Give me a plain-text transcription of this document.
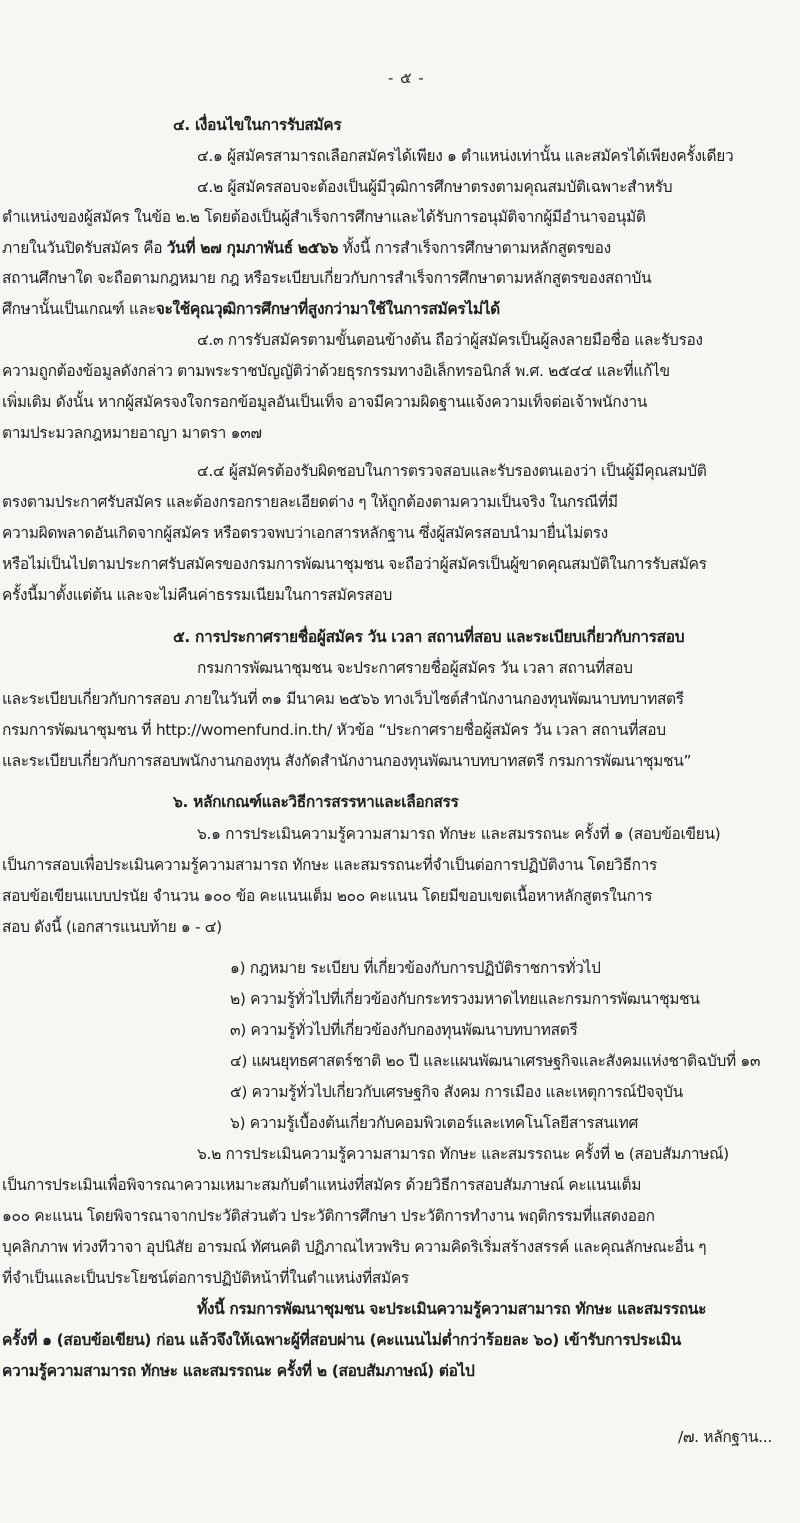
- ๕ -
๔. เงื่อนไขในการรับสมัคร
๔.๑ ผู้สมัครสามารถเลือกสมัครได้เพียง ๑ ตำแหน่งเท่านั้น และสมัครได้เพียงครั้งเดียว
๔.๒ ผู้สมัครสอบจะต้องเป็นผู้มีวุฒิการศึกษาตรงตามคุณสมบัติเฉพาะสำหรับ
ตำแหน่งของผู้สมัคร ในข้อ ๒.๒ โดยต้องเป็นผู้สำเร็จการศึกษาและได้รับการอนุมัติจากผู้มีอำนาจอนุมัติ
ภายในวันปิดรับสมัคร คือ วันที่ ๒๗ กุมภาพันธ์ ๒๕๖๖ ทั้งนี้ การสำเร็จการศึกษาตามหลักสูตรของ
สถานศึกษาใด จะถือตามกฎหมาย กฎ หรือระเบียบเกี่ยวกับการสำเร็จการศึกษาตามหลักสูตรของสถาบัน
ศึกษานั้นเป็นเกณฑ์ และจะใช้คุณวุฒิการศึกษาที่สูงกว่ามาใช้ในการสมัครไม่ได้
๔.๓ การรับสมัครตามขั้นตอนข้างต้น ถือว่าผู้สมัครเป็นผู้ลงลายมือชื่อ และรับรอง
ความถูกต้องข้อมูลดังกล่าว ตามพระราชบัญญัติว่าด้วยธุรกรรมทางอิเล็กทรอนิกส์ พ.ศ. ๒๕๔๔ และที่แก้ไข
เพิ่มเติม ดังนั้น หากผู้สมัครจงใจกรอกข้อมูลอันเป็นเท็จ อาจมีความผิดฐานแจ้งความเท็จต่อเจ้าพนักงาน
ตามประมวลกฎหมายอาญา มาตรา ๑๓๗
๔.๔ ผู้สมัครต้องรับผิดชอบในการตรวจสอบและรับรองตนเองว่า เป็นผู้มีคุณสมบัติ
ตรงตามประกาศรับสมัคร และต้องกรอกรายละเอียดต่าง ๆ ให้ถูกต้องตามความเป็นจริง ในกรณีที่มี
ความผิดพลาดอันเกิดจากผู้สมัคร หรือตรวจพบว่าเอกสารหลักฐาน ซึ่งผู้สมัครสอบนำมายื่นไม่ตรง
หรือไม่เป็นไปตามประกาศรับสมัครของกรมการพัฒนาชุมชน จะถือว่าผู้สมัครเป็นผู้ขาดคุณสมบัติในการรับสมัคร
ครั้งนี้มาตั้งแต่ต้น และจะไม่คืนค่าธรรมเนียมในการสมัครสอบ
๕. การประกาศรายชื่อผู้สมัคร วัน เวลา สถานที่สอบ และระเบียบเกี่ยวกับการสอบ
กรมการพัฒนาชุมชน จะประกาศรายชื่อผู้สมัคร วัน เวลา สถานที่สอบ
และระเบียบเกี่ยวกับการสอบ ภายในวันที่ ๓๑ มีนาคม ๒๕๖๖ ทางเว็บไซต์สำนักงานกองทุนพัฒนาบทบาทสตรี
กรมการพัฒนาชุมชน ที่ http://womenfund.in.th/ หัวข้อ “ประกาศรายชื่อผู้สมัคร วัน เวลา สถานที่สอบ
และระเบียบเกี่ยวกับการสอบพนักงานกองทุน สังกัดสำนักงานกองทุนพัฒนาบทบาทสตรี กรมการพัฒนาชุมชน”
๖. หลักเกณฑ์และวิธีการสรรหาและเลือกสรร
๖.๑ การประเมินความรู้ความสามารถ ทักษะ และสมรรถนะ ครั้งที่ ๑ (สอบข้อเขียน)
เป็นการสอบเพื่อประเมินความรู้ความสามารถ ทักษะ และสมรรถนะที่จำเป็นต่อการปฏิบัติงาน โดยวิธีการ
สอบข้อเขียนแบบปรนัย จำนวน ๑๐๐ ข้อ คะแนนเต็ม ๒๐๐ คะแนน โดยมีขอบเขตเนื้อหาหลักสูตรในการ
สอบ ดังนี้ (เอกสารแนบท้าย ๑ - ๔)
๑) กฎหมาย ระเบียบ ที่เกี่ยวข้องกับการปฏิบัติราชการทั่วไป
๒) ความรู้ทั่วไปที่เกี่ยวข้องกับกระทรวงมหาดไทยและกรมการพัฒนาชุมชน
๓) ความรู้ทั่วไปที่เกี่ยวข้องกับกองทุนพัฒนาบทบาทสตรี
๔) แผนยุทธศาสตร์ชาติ ๒๐ ปี และแผนพัฒนาเศรษฐกิจและสังคมแห่งชาติฉบับที่ ๑๓
๕) ความรู้ทั่วไปเกี่ยวกับเศรษฐกิจ สังคม การเมือง และเหตุการณ์ปัจจุบัน
๖) ความรู้เบื้องต้นเกี่ยวกับคอมพิวเตอร์และเทคโนโลยีสารสนเทศ
๖.๒ การประเมินความรู้ความสามารถ ทักษะ และสมรรถนะ ครั้งที่ ๒ (สอบสัมภาษณ์)
เป็นการประเมินเพื่อพิจารณาความเหมาะสมกับตำแหน่งที่สมัคร ด้วยวิธีการสอบสัมภาษณ์ คะแนนเต็ม
๑๐๐ คะแนน โดยพิจารณาจากประวัติส่วนตัว ประวัติการศึกษา ประวัติการทำงาน พฤติกรรมที่แสดงออก
บุคลิกภาพ ท่วงทีวาจา อุปนิสัย อารมณ์ ทัศนคติ ปฏิภาณไหวพริบ ความคิดริเริ่มสร้างสรรค์ และคุณลักษณะอื่น ๆ
ที่จำเป็นและเป็นประโยชน์ต่อการปฏิบัติหน้าที่ในตำแหน่งที่สมัคร
ทั้งนี้ กรมการพัฒนาชุมชน จะประเมินความรู้ความสามารถ ทักษะ และสมรรถนะ
ครั้งที่ ๑ (สอบข้อเขียน) ก่อน แล้วจึงให้เฉพาะผู้ที่สอบผ่าน (คะแนนไม่ต่ำกว่าร้อยละ ๖๐) เข้ารับการประเมิน
ความรู้ความสามารถ ทักษะ และสมรรถนะ ครั้งที่ ๒ (สอบสัมภาษณ์) ต่อไป
/๗. หลักฐาน...
